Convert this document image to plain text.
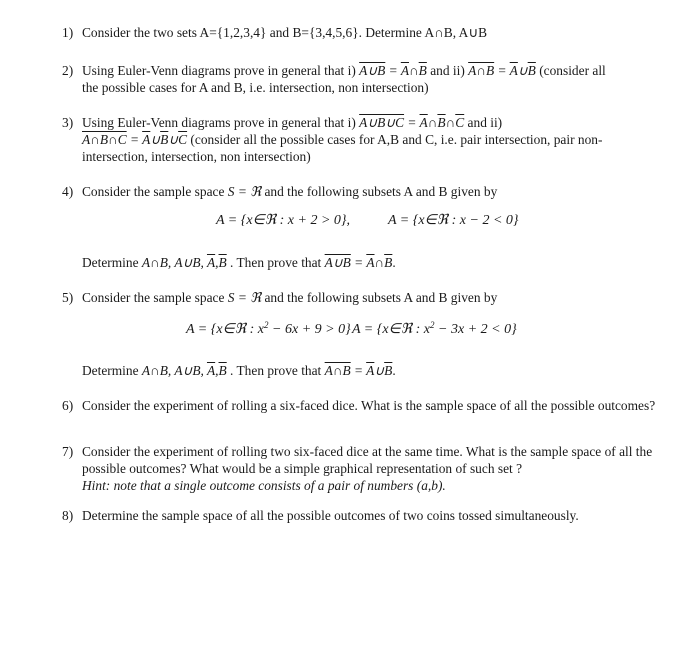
1) Consider the two sets A={1,2,3,4} and B={3,4,5,6}. Determine A∩B, A∪B
2) Using Euler-Venn diagrams prove in general that i) A∪B = $\overline{A}\cap\overline{B}$ and ii) A∩B = $\overline{A}\cup\overline{B}$ (consider all
the possible cases for A and B, i.e. intersection, non intersection)
3) Using Euler-Venn diagrams prove in general that i) A∪B∪C = $\overline{A}\cap\overline{B}\cap\overline{C}$ and ii)
A∩B∩C = $\overline{A}\cup\overline{B}\cup\overline{C}$ (consider all the possible cases for A,B and C, i.e. pair intersection, pair non-
intersection, intersection, non intersection)
4) Consider the sample space S = ℜ and the following subsets A and B given by
A = {x∈ℜ : x + 2 > 0},	A = {x∈ℜ : x − 2 < 0}
Determine A∩B, A∪B, $\overline{A},\overline{B}$ . Then prove that A∪B = $\overline{A}\cap\overline{B}$.
5) Consider the sample space S = ℜ and the following subsets A and B given by
A = {x∈ℜ : $x^2 - 6x + 9 > 0$} A = {x∈ℜ : $x^2 - 3x + 2 < 0$}
Determine A∩B, A∪B, $\overline{A},\overline{B}$ . Then prove that A∩B = $\overline{A}\cup\overline{B}$.
6) Consider the experiment of rolling a six-faced dice. What is the sample space of all the possible outcomes?
7) Consider the experiment of rolling two six-faced dice at the same time. What is the sample space of all the possible outcomes? What would be a simple graphical representation of such set ?
Hint: note that a single outcome consists of a pair of numbers (a,b).
8) Determine the sample space of all the possible outcomes of two coins tossed simultaneously.
